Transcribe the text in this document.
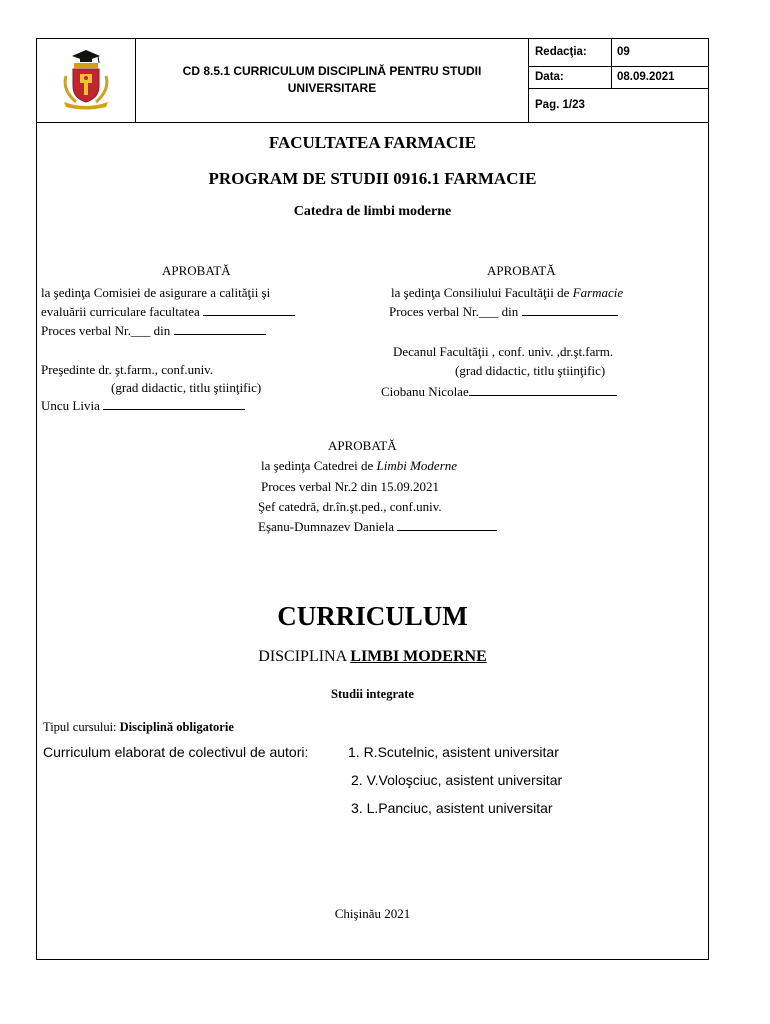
CD 8.5.1 CURRICULUM DISCIPLINĂ PENTRU STUDII UNIVERSITARE
Redacţia:	09
Data:	08.09.2021
Pag. 1/23
FACULTATEA FARMACIE
PROGRAM DE STUDII 0916.1 FARMACIE
Catedra de limbi moderne
APROBATĂ
la şedinţa Comisiei de asigurare a calităţii şi
evaluării curriculare facultatea
Proces verbal Nr.___ din
Preşedinte dr. şt.farm., conf.univ.
(grad didactic, titlu ştiinţific)
Uncu Livia
APROBATĂ
la şedinţa Consiliului Facultăţii de Farmacie
Proces verbal Nr.___ din
Decanul Facultăţii , conf. univ. ,dr.şt.farm.
(grad didactic, titlu ştiinţific)
Ciobanu Nicolae
APROBATĂ
la şedinţa Catedrei de Limbi Moderne
Proces verbal Nr.2 din 15.09.2021
Şef catedră, dr.în.şt.ped., conf.univ.
Eşanu-Dumnazev Daniela
CURRICULUM
DISCIPLINA LIMBI MODERNE
Studii integrate
Tipul cursului: Disciplină obligatorie
Curriculum elaborat de colectivul de autori:	1. R.Scutelnic, asistent universitar
2. V.Voloşciuc, asistent universitar
3. L.Panciuc, asistent universitar
Chişinău 2021
